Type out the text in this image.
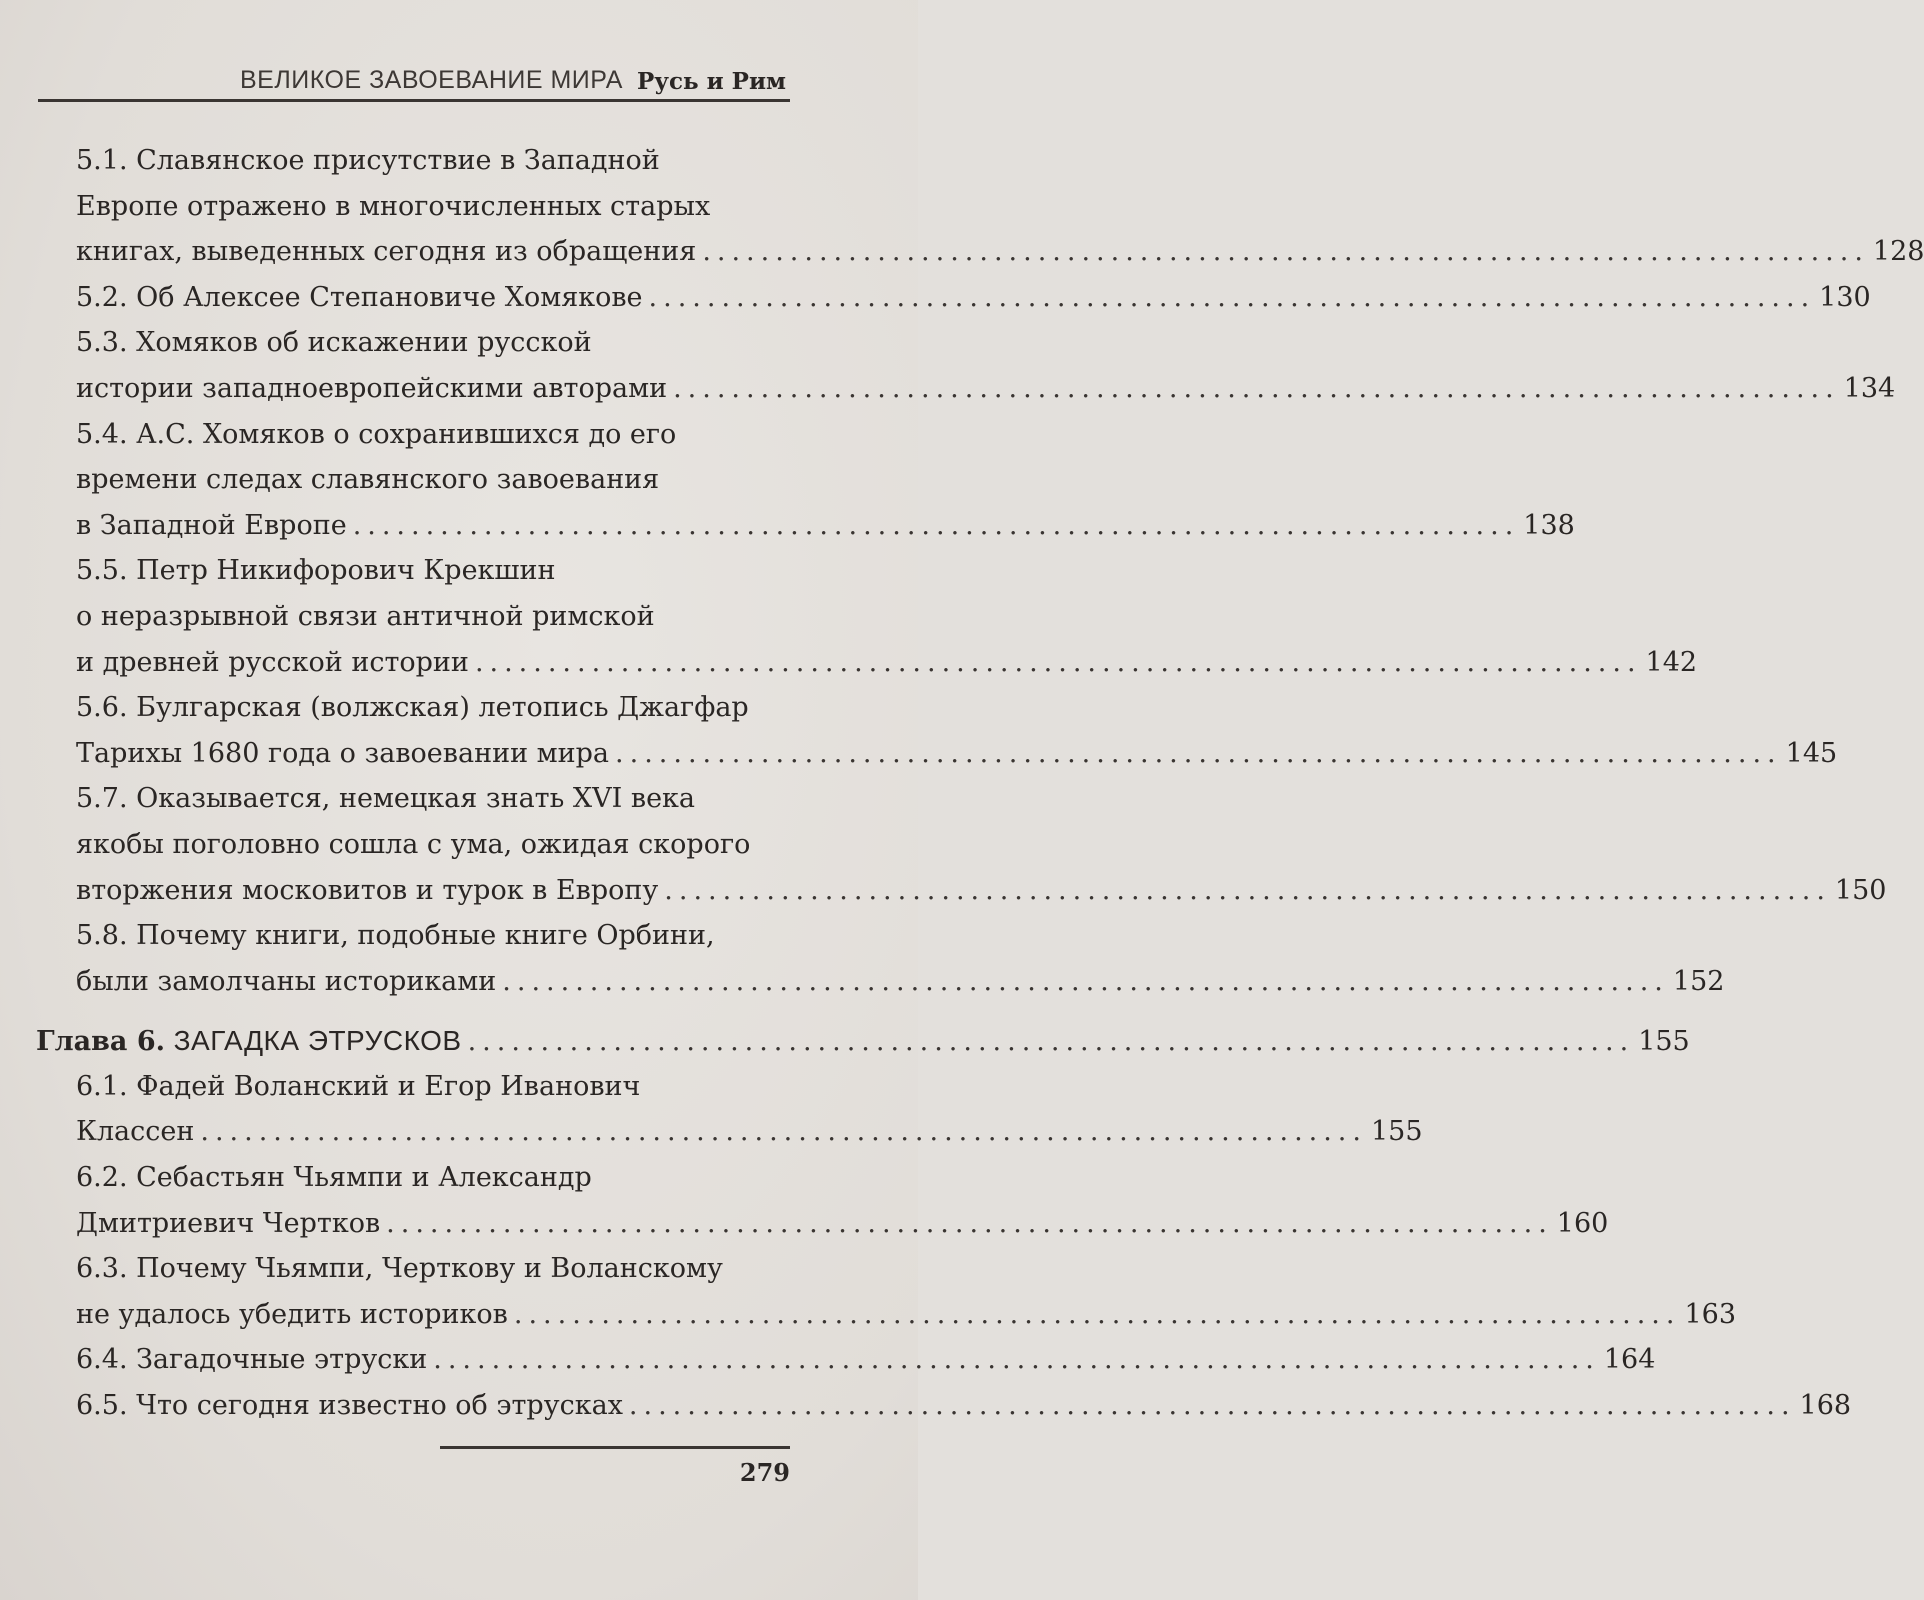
ВЕЛИКОЕ ЗАВОЕВАНИЕ МИРА Русь и Рим
5.1. Славянское присутствие в Западной
Европе отражено в многочисленных старых
книгах, выведенных сегодня из обращения ................................................................................ 128
5.2. Об Алексее Степановиче Хомякове ................................................................................ 130
5.3. Хомяков об искажении русской
истории западноевропейскими авторами ................................................................................ 134
5.4. А.С. Хомяков о сохранившихся до его
времени следах славянского завоевания
в Западной Европе ................................................................................ 138
5.5. Петр Никифорович Крекшин
о неразрывной связи античной римской
и древней русской истории ................................................................................ 142
5.6. Булгарская (волжская) летопись Джагфар
Тарихы 1680 года о завоевании мира ................................................................................ 145
5.7. Оказывается, немецкая знать XVI века
якобы поголовно сошла с ума, ожидая скорого
вторжения московитов и турок в Европу ................................................................................ 150
5.8. Почему книги, подобные книге Орбини,
были замолчаны историками ................................................................................ 152
Глава 6. ЗАГАДКА ЭТРУСКОВ ................................................................................ 155
6.1. Фадей Воланский и Егор Иванович
Классен ................................................................................ 155
6.2. Себастьян Чьямпи и Александр
Дмитриевич Чертков ................................................................................ 160
6.3. Почему Чьямпи, Черткову и Воланскому
не удалось убедить историков ................................................................................ 163
6.4. Загадочные этруски ................................................................................ 164
6.5. Что сегодня известно об этрусках ................................................................................ 168
279
